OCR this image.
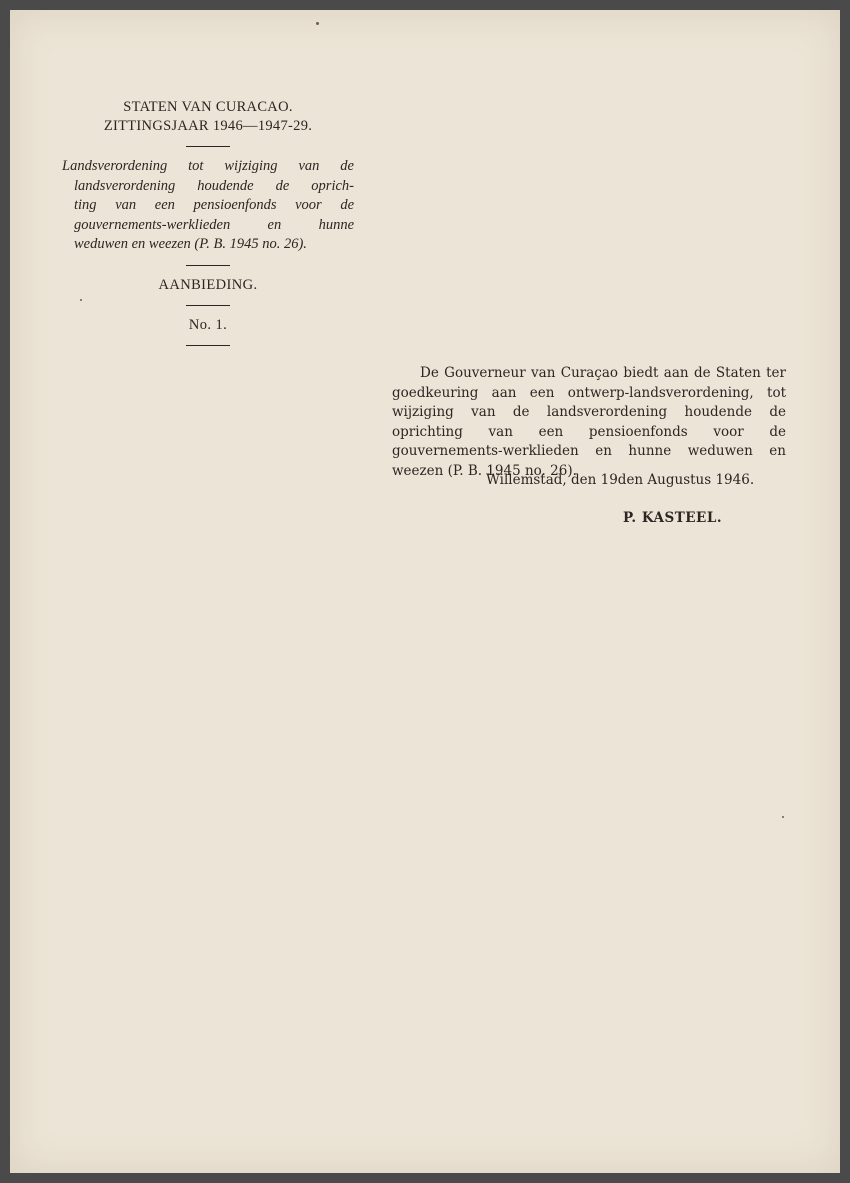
STATEN VAN CURACAO.
ZITTINGSJAAR 1946—1947-29.
Landsverordening tot wijziging van de
landsverordening houdende de oprich-
ting van een pensioenfonds voor de
gouvernements-werklieden en hunne
weduwen en weezen (P. B. 1945 no. 26).
AANBIEDING.
No. 1.
De Gouverneur van Curaçao biedt aan de Staten ter goedkeuring aan een ontwerp-landsverordening, tot wijziging van de landsverordening houdende de oprichting van een pensioenfonds voor de gouvernements-werklieden en hunne weduwen en weezen (P. B. 1945 no. 26).
Willemstad, den 19den Augustus 1946.
P. KASTEEL.
